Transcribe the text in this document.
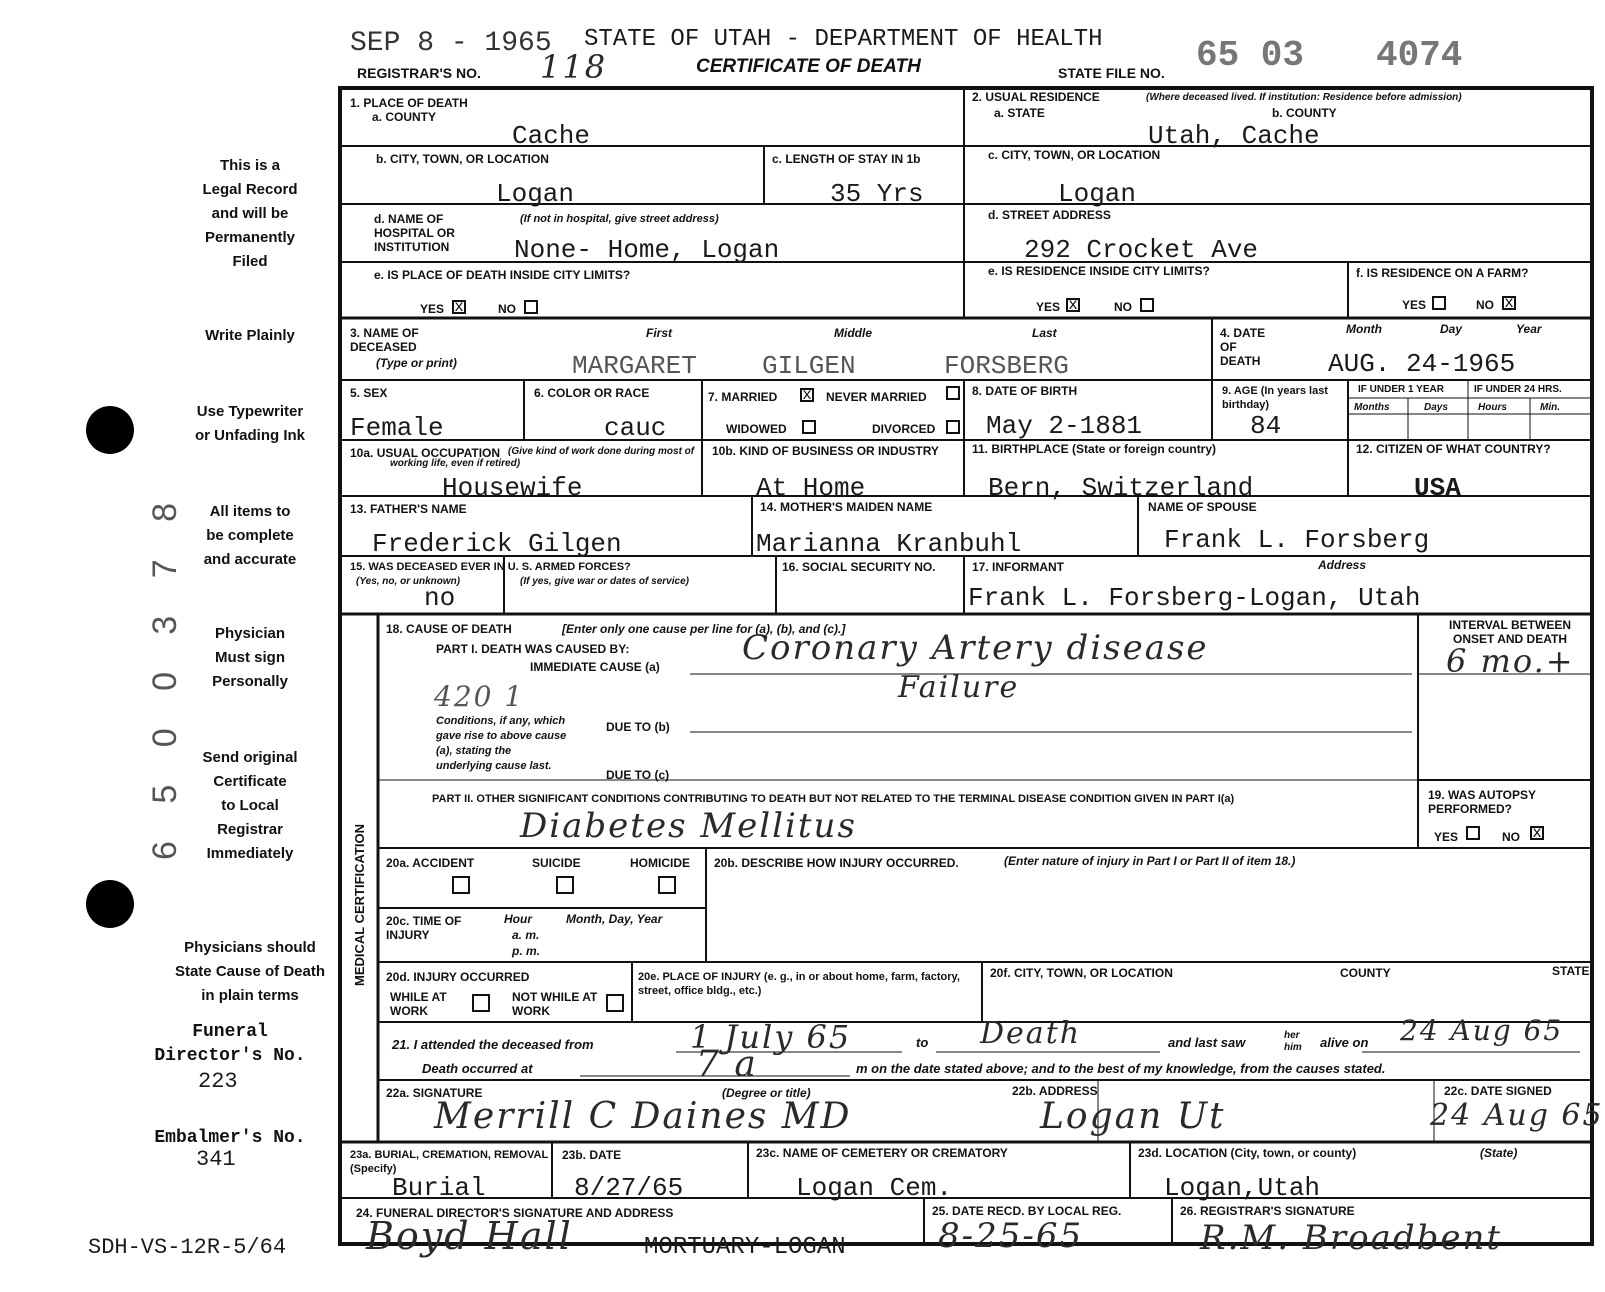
SEP 8 - 1965 STATE OF UTAH - DEPARTMENT OF HEALTH
REGISTRAR'S NO. 118	CERTIFICATE OF DEATH	STATE FILE NO. 65 03 4074
This is a
Legal Record
and will be
Permanently
Filed
Write Plainly
Use Typewriter
or Unfading Ink
All items to
be complete
and accurate
Physician
Must sign
Personally
Send original
Certificate
to Local
Registrar
Immediately
Physicians should
State Cause of Death
in plain terms
Funeral
Director's No.
223
Embalmer's No.
341
SDH-VS-12R-5/64
6 5 0 0 3 7 8
MEDICAL CERTIFICATION
1. PLACE OF DEATH
a. COUNTY
Cache
b. CITY, TOWN, OR LOCATION
Logan
c. LENGTH OF STAY IN 1b
35 Yrs
d. NAME OF HOSPITAL OR INSTITUTION
(If not in hospital, give street address)
None- Home, Logan
e. IS PLACE OF DEATH INSIDE CITY LIMITS?
YES x	NO
2. USUAL RESIDENCE	(Where deceased lived. If institution: Residence before admission)
a. STATE	b. COUNTY
Utah, Cache
c. CITY, TOWN, OR LOCATION
Logan
d. STREET ADDRESS
292 Crocket Ave
e. IS RESIDENCE INSIDE CITY LIMITS?
YES x	NO
f. IS RESIDENCE ON A FARM?
YES	NO x
3. NAME OF DECEASED
(Type or print)
First	Middle	Last
MARGARET	GILGEN	FORSBERG
4. DATE OF DEATH
Month	Day	Year
AUG. 24-1965
5. SEX
Female
6. COLOR OR RACE
cauc
7. MARRIED x NEVER MARRIED
WIDOWED	DIVORCED
8. DATE OF BIRTH
May 2-1881
9. AGE (In years last birthday)
84
IF UNDER 1 YEAR	IF UNDER 24 HRS.
Months	Days	Hours	Min.
10a. USUAL OCCUPATION (Give kind of work done during most of working life, even if retired)
Housewife
10b. KIND OF BUSINESS OR INDUSTRY
At Home
11. BIRTHPLACE (State or foreign country)
Bern, Switzerland
12. CITIZEN OF WHAT COUNTRY?
USA
13. FATHER'S NAME
Frederick Gilgen
14. MOTHER'S MAIDEN NAME
Marianna Kranbuhl
NAME OF SPOUSE
Frank L. Forsberg
15. WAS DECEASED EVER IN U. S. ARMED FORCES?
(Yes, no, or unknown)	(If yes, give war or dates of service)
no
16. SOCIAL SECURITY NO.	17. INFORMANT	Address
Frank L. Forsberg-Logan, Utah
18. CAUSE OF DEATH	[Enter only one cause per line for (a), (b), and (c).]
PART I. DEATH WAS CAUSED BY:
IMMEDIATE CAUSE (a) Coronary Artery disease
Failure
420 1
Conditions, if any, which gave rise to above cause (a), stating the underlying cause last.
DUE TO (b)
DUE TO (c)
INTERVAL BETWEEN ONSET AND DEATH
6 mo.+
PART II. OTHER SIGNIFICANT CONDITIONS CONTRIBUTING TO DEATH BUT NOT RELATED TO THE TERMINAL DISEASE CONDITION GIVEN IN PART I(a)
Diabetes Mellitus
19. WAS AUTOPSY PERFORMED?
YES	NO x
20a. ACCIDENT	SUICIDE	HOMICIDE 20b. DESCRIBE HOW INJURY OCCURRED.	(Enter nature of injury in Part I or Part II of item 18.)
20c. TIME OF INJURY
Hour
a. m.
p. m.
Month, Day, Year
20d. INJURY OCCURRED
WHILE AT WORK
NOT WHILE AT WORK
20e. PLACE OF INJURY (e. g., in or about home, farm, factory, street, office bldg., etc.)
20f. CITY, TOWN, OR LOCATION	COUNTY	STATE
21. I attended the deceased from	1 July 65	to Death	and last saw	her him	alive on 24 Aug 65
Death occurred at	7 a	m on the date stated above; and to the best of my knowledge, from the causes stated.
22a. SIGNATURE	(Degree or title)
Merrill C Daines MD
22b. ADDRESS
Logan Ut
22c. DATE SIGNED
24 Aug 65
23a. BURIAL, CREMATION, REMOVAL (Specify)
Burial
23b. DATE
8/27/65
23c. NAME OF CEMETERY OR CREMATORY
Logan Cem.
23d. LOCATION (City, town, or county)	(State)
Logan,Utah
24. FUNERAL DIRECTOR'S SIGNATURE AND ADDRESS
Boyd Hall	MORTUARY-LOGAN
25. DATE RECD. BY LOCAL REG.
8-25-65
26. REGISTRAR'S SIGNATURE
R.M. Broadbent
